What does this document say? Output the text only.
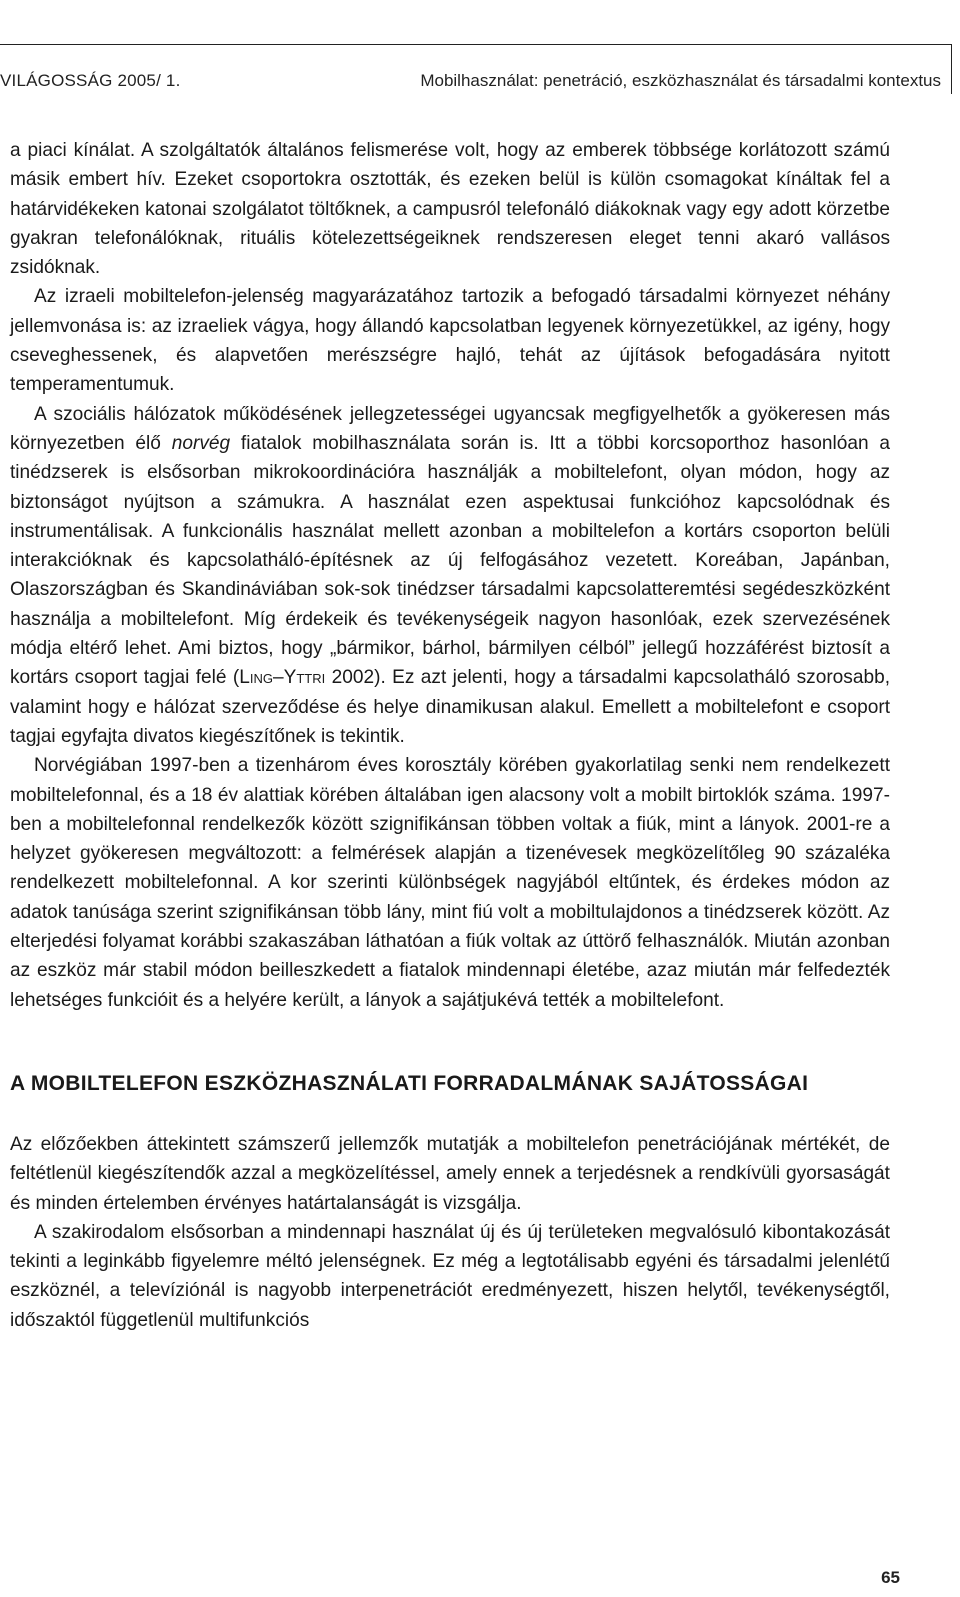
VILÁGOSSÁG 2005/ 1.	Mobilhasználat: penetráció, eszközhasználat és társadalmi kontextus

a piaci kínálat. A szolgáltatók általános felismerése volt, hogy az emberek többsége korlátozott számú másik embert hív. Ezeket csoportokra osztották, és ezeken belül is külön csomagokat kínáltak fel a határvidékeken katonai szolgálatot töltőknek, a campusról telefonáló diákoknak vagy egy adott körzetbe gyakran telefonálóknak, rituális kötelezettségeiknek rendszeresen eleget tenni akaró vallásos zsidóknak.

Az izraeli mobiltelefon-jelenség magyarázatához tartozik a befogadó társadalmi környezet néhány jellemvonása is: az izraeliek vágya, hogy állandó kapcsolatban legyenek környezetükkel, az igény, hogy cseveghessenek, és alapvetően merészségre hajló, tehát az újítások befogadására nyitott temperamentumuk.

A szociális hálózatok működésének jellegzetességei ugyancsak megfigyelhetők a gyökeresen más környezetben élő norvég fiatalok mobilhasználata során is. Itt a többi korcsoporthoz hasonlóan a tinédzserek is elsősorban mikrokoordinációra használják a mobiltelefont, olyan módon, hogy az biztonságot nyújtson a számukra. A használat ezen aspektusai funkcióhoz kapcsolódnak és instrumentálisak. A funkcionális használat mellett azonban a mobiltelefon a kortárs csoporton belüli interakcióknak és kapcsolatháló-építésnek az új felfogásához vezetett. Koreában, Japánban, Olaszországban és Skandináviában sok-sok tinédzser társadalmi kapcsolatteremtési segédeszközként használja a mobiltelefont. Míg érdekeik és tevékenységeik nagyon hasonlóak, ezek szervezésének módja eltérő lehet. Ami biztos, hogy „bármikor, bárhol, bármilyen célból” jellegű hozzáférést biztosít a kortárs csoport tagjai felé (Ling–Yttri 2002). Ez azt jelenti, hogy a társadalmi kapcsolatháló szorosabb, valamint hogy e hálózat szerveződése és helye dinamikusan alakul. Emellett a mobiltelefont e csoport tagjai egyfajta divatos kiegészítőnek is tekintik.

Norvégiában 1997-ben a tizenhárom éves korosztály körében gyakorlatilag senki nem rendelkezett mobiltelefonnal, és a 18 év alattiak körében általában igen alacsony volt a mobilt birtoklók száma. 1997-ben a mobiltelefonnal rendelkezők között szignifikánsan többen voltak a fiúk, mint a lányok. 2001-re a helyzet gyökeresen megváltozott: a felmérések alapján a tizenévesek megközelítőleg 90 százaléka rendelkezett mobiltelefonnal. A kor szerinti különbségek nagyjából eltűntek, és érdekes módon az adatok tanúsága szerint szignifikánsan több lány, mint fiú volt a mobiltulajdonos a tinédzserek között. Az elterjedési folyamat korábbi szakaszában láthatóan a fiúk voltak az úttörő felhasználók. Miután azonban az eszköz már stabil módon beilleszkedett a fiatalok mindennapi életébe, azaz miután már felfedezték lehetséges funkcióit és a helyére került, a lányok a sajátjukévá tették a mobiltelefont.

A MOBILTELEFON ESZKÖZHASZNÁLATI FORRADALMÁNAK SAJÁTOSSÁGAI

Az előzőekben áttekintett számszerű jellemzők mutatják a mobiltelefon penetrációjának mértékét, de feltétlenül kiegészítendők azzal a megközelítéssel, amely ennek a terjedésnek a rendkívüli gyorsaságát és minden értelemben érvényes határtalanságát is vizsgálja.

A szakirodalom elsősorban a mindennapi használat új és új területeken megvalósuló kibontakozását tekinti a leginkább figyelemre méltó jelenségnek. Ez még a legtotálisabb egyéni és társadalmi jelenlétű eszköznél, a televíziónál is nagyobb interpenetrációt eredményezett, hiszen helytől, tevékenységtől, időszaktól függetlenül multifunkciós

65
